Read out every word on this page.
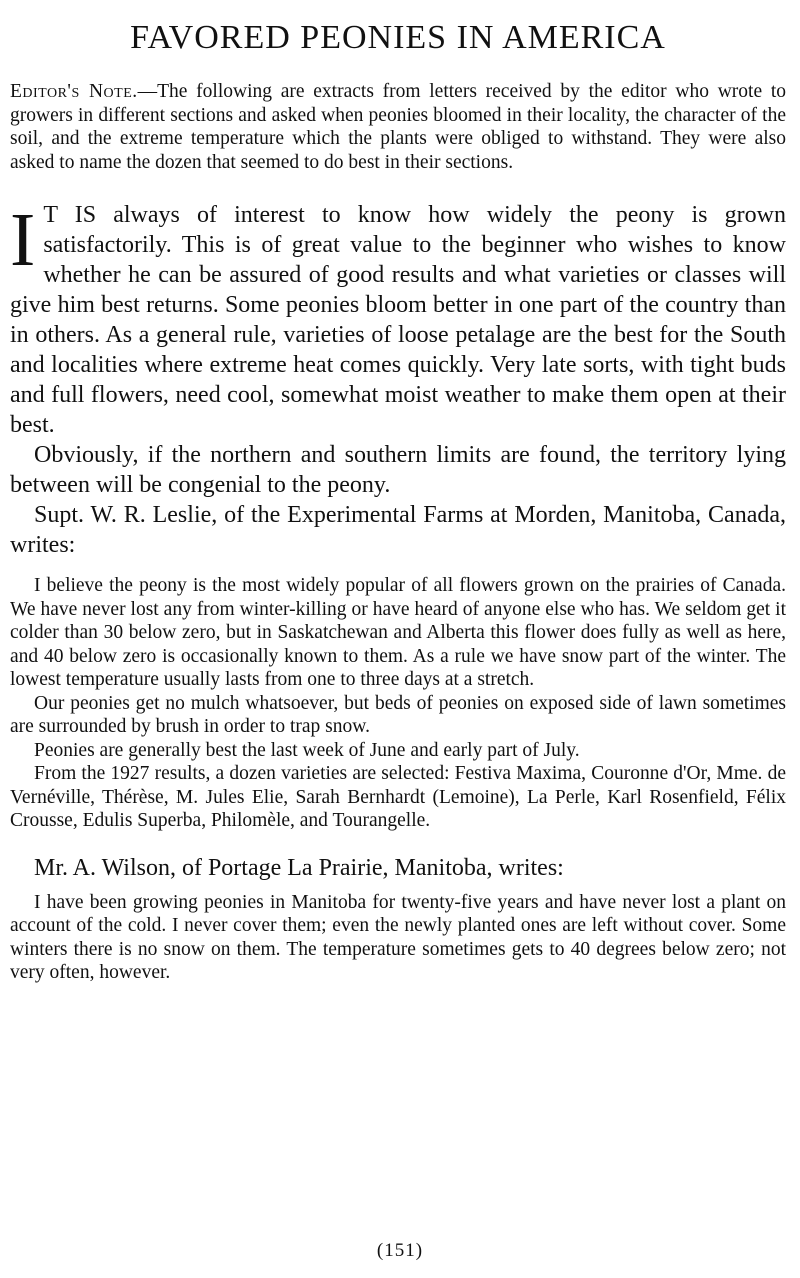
FAVORED PEONIES IN AMERICA

Editor's Note.—The following are extracts from letters received by the editor who wrote to growers in different sections and asked when peonies bloomed in their locality, the character of the soil, and the extreme temperature which the plants were obliged to withstand. They were also asked to name the dozen that seemed to do best in their sections.

I T IS always of interest to know how widely the peony is grown satisfactorily. This is of great value to the beginner who wishes to know whether he can be assured of good results and what varieties or classes will give him best returns. Some peonies bloom better in one part of the country than in others. As a general rule, varieties of loose petalage are the best for the South and localities where extreme heat comes quickly. Very late sorts, with tight buds and full flowers, need cool, somewhat moist weather to make them open at their best.

Obviously, if the northern and southern limits are found, the territory lying between will be congenial to the peony.

Supt. W. R. Leslie, of the Experimental Farms at Morden, Manitoba, Canada, writes:

I believe the peony is the most widely popular of all flowers grown on the prairies of Canada. We have never lost any from winter-killing or have heard of anyone else who has. We seldom get it colder than 30 below zero, but in Saskatchewan and Alberta this flower does fully as well as here, and 40 below zero is occasionally known to them. As a rule we have snow part of the winter. The lowest temperature usually lasts from one to three days at a stretch.

Our peonies get no mulch whatsoever, but beds of peonies on exposed side of lawn sometimes are surrounded by brush in order to trap snow.

Peonies are generally best the last week of June and early part of July.

From the 1927 results, a dozen varieties are selected: Festiva Maxima, Couronne d'Or, Mme. de Vernéville, Thérèse, M. Jules Elie, Sarah Bernhardt (Lemoine), La Perle, Karl Rosenfield, Félix Crousse, Edulis Superba, Philomèle, and Tourangelle.

Mr. A. Wilson, of Portage La Prairie, Manitoba, writes:

I have been growing peonies in Manitoba for twenty-five years and have never lost a plant on account of the cold. I never cover them; even the newly planted ones are left without cover. Some winters there is no snow on them. The temperature sometimes gets to 40 degrees below zero; not very often, however.

(151)
